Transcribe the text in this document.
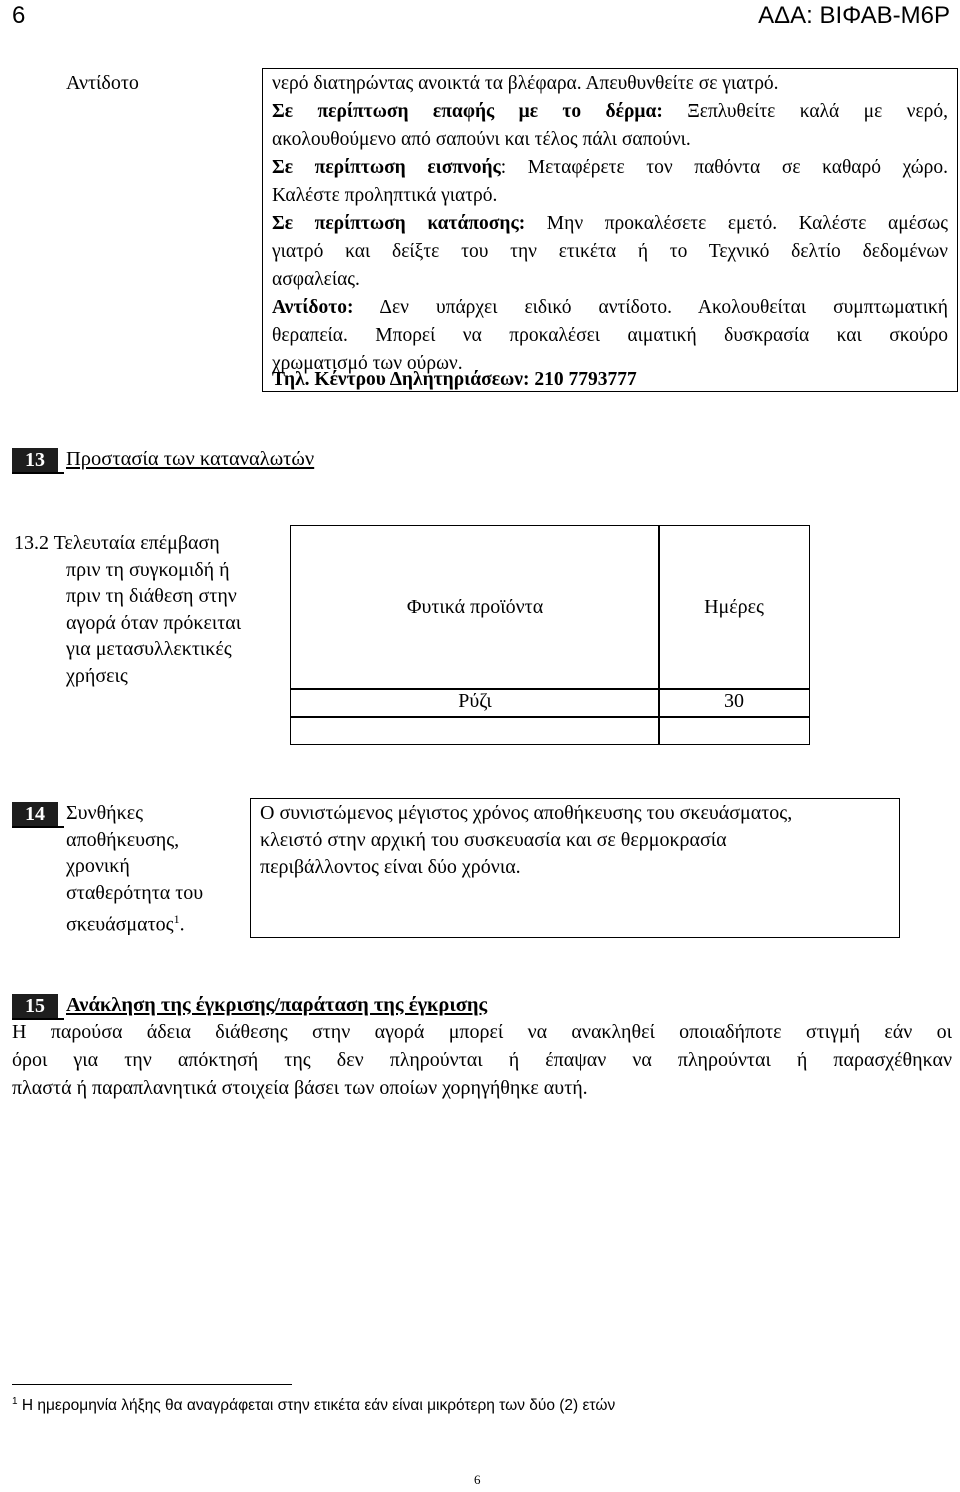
6	ΑΔΑ: ΒΙΦΑΒ-Μ6Ρ
Αντίδοτο	νερό διατηρώντας ανοικτά τα βλέφαρα. Απευθυνθείτε σε γιατρό.
Σε περίπτωση επαφής με το δέρμα: Ξεπλυθείτε καλά με νερό,
ακολουθούμενο από σαπούνι και τέλος πάλι σαπούνι.
Σε περίπτωση εισπνοής: Μεταφέρετε τον παθόντα σε καθαρό χώρο.
Καλέστε προληπτικά γιατρό.
Σε περίπτωση κατάποσης: Μην προκαλέσετε εμετό. Καλέστε αμέσως
γιατρό και δείξτε του την ετικέτα ή το Τεχνικό δελτίο δεδομένων
ασφαλείας.
Αντίδοτο: Δεν υπάρχει ειδικό αντίδοτο. Ακολουθείται συμπτωματική
θεραπεία. Μπορεί να προκαλέσει αιματική δυσκρασία και σκούρο
χρωματισμό των ούρων.
Τηλ. Κέντρου Δηλητηριάσεων: 210 7793777
13	Προστασία των καταναλωτών
13.2 Τελευταία επέμβαση
πριν τη συγκομιδή ή
πριν τη διάθεση στην
αγορά όταν πρόκειται
για μετασυλλεκτικές
χρήσεις
Φυτικά προϊόντα	Ημέρες
Ρύζι	30
14	Συνθήκες
αποθήκευσης,
χρονική
σταθερότητα του
σκευάσματος$^1$.
Ο συνιστώμενος μέγιστος χρόνος αποθήκευσης του σκευάσματος,
κλειστό στην αρχική του συσκευασία και σε θερμοκρασία
περιβάλλοντος είναι δύο χρόνια.
15	Ανάκληση της έγκρισης/παράταση της έγκρισης
Η παρούσα άδεια διάθεσης στην αγορά μπορεί να ανακληθεί οποιαδήποτε στιγμή εάν οι
όροι για την απόκτησή της δεν πληρούνται ή έπαψαν να πληρούνται ή παρασχέθηκαν
πλαστά ή παραπλανητικά στοιχεία βάσει των οποίων χορηγήθηκε αυτή.
$^1$ Η ημερομηνία λήξης θα αναγράφεται στην ετικέτα εάν είναι μικρότερη των δύο (2) ετών
6
